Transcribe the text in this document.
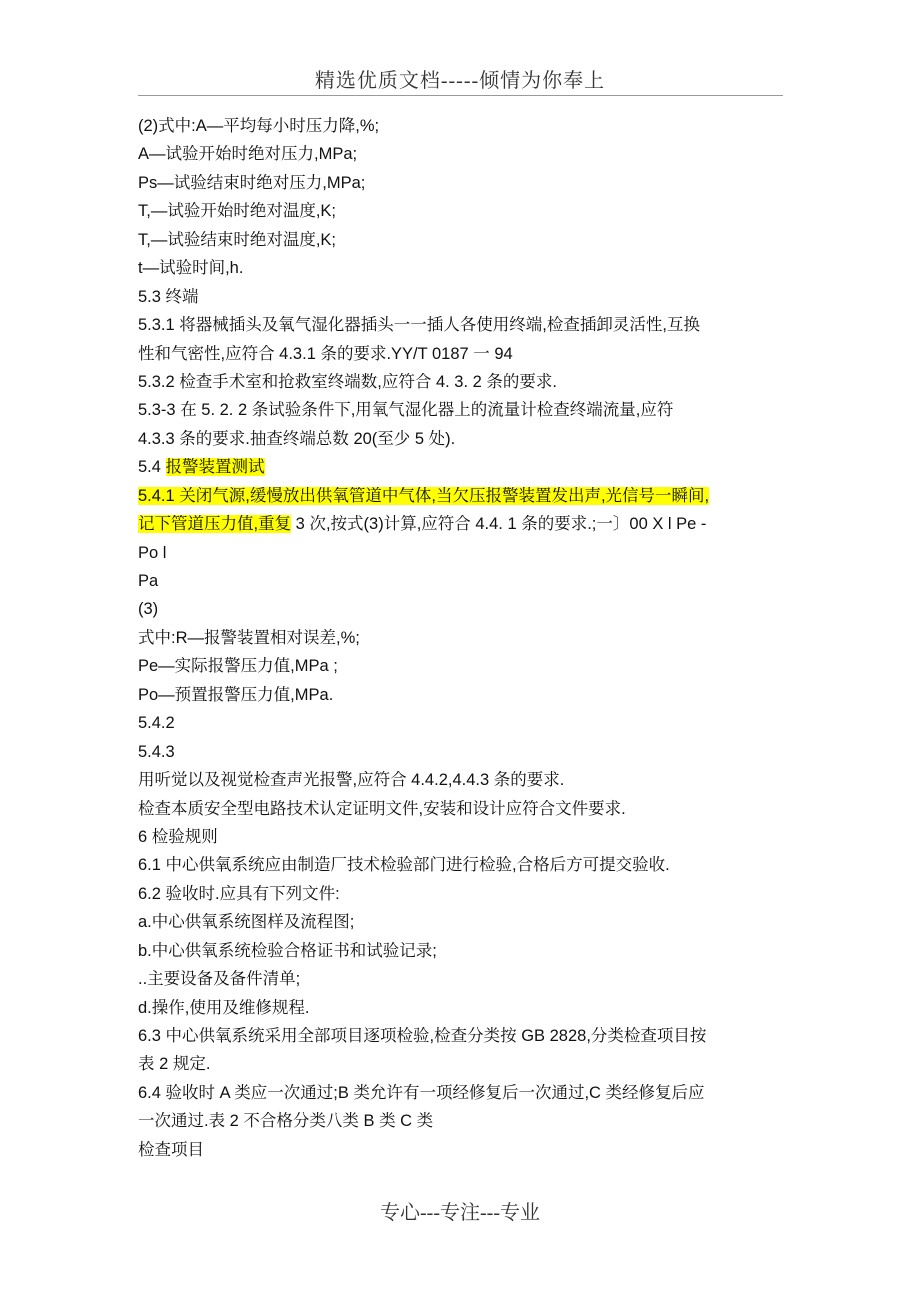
精选优质文档-----倾情为你奉上
(2)式中:A—平均每小时压力降,%;
A—试验开始时绝对压力,MPa;
Ps—试验结束时绝对压力,MPa;
T,—试验开始时绝对温度,K;
T,—试验结束时绝对温度,K;
t—试验时间,h.
5.3 终端
5.3.1 将器械插头及氧气湿化器插头一一插人各使用终端,检查插卸灵活性,互换
性和气密性,应符合 4.3.1 条的要求.YY/T 0187 一 94
5.3.2 检查手术室和抢救室终端数,应符合 4. 3. 2 条的要求.
5.3-3 在 5. 2. 2 条试验条件下,用氧气湿化器上的流量计检查终端流量,应符
4.3.3 条的要求.抽查终端总数 20(至少 5 处).
5.4 报警装置测试
5.4.1 关闭气源,缓慢放出供氧管道中气体,当欠压报警装置发出声,光信号一瞬间,
记下管道压力值,重复 3 次,按式(3)计算,应符合 4.4. 1 条的要求.;一〕00 X l Pe -
Po l
Pa
(3)
式中:R—报警装置相对误差,%;
Pe—实际报警压力值,MPa ;
Po—预置报警压力值,MPa.
5.4.2
5.4.3
用听觉以及视觉检查声光报警,应符合 4.4.2,4.4.3 条的要求.
检查本质安全型电路技术认定证明文件,安装和设计应符合文件要求.
6 检验规则
6.1 中心供氧系统应由制造厂技术检验部门进行检验,合格后方可提交验收.
6.2 验收时.应具有下列文件:
a.中心供氧系统图样及流程图;
b.中心供氧系统检验合格证书和试验记录;
..主要设备及备件清单;
d.操作,使用及维修规程.
6.3 中心供氧系统采用全部项目逐项检验,检查分类按 GB 2828,分类检查项目按
表 2 规定.
6.4 验收时 A 类应一次通过;B 类允许有一项经修复后一次通过,C 类经修复后应
一次通过.表 2 不合格分类八类 B 类 C 类
检查项目
专心---专注---专业
